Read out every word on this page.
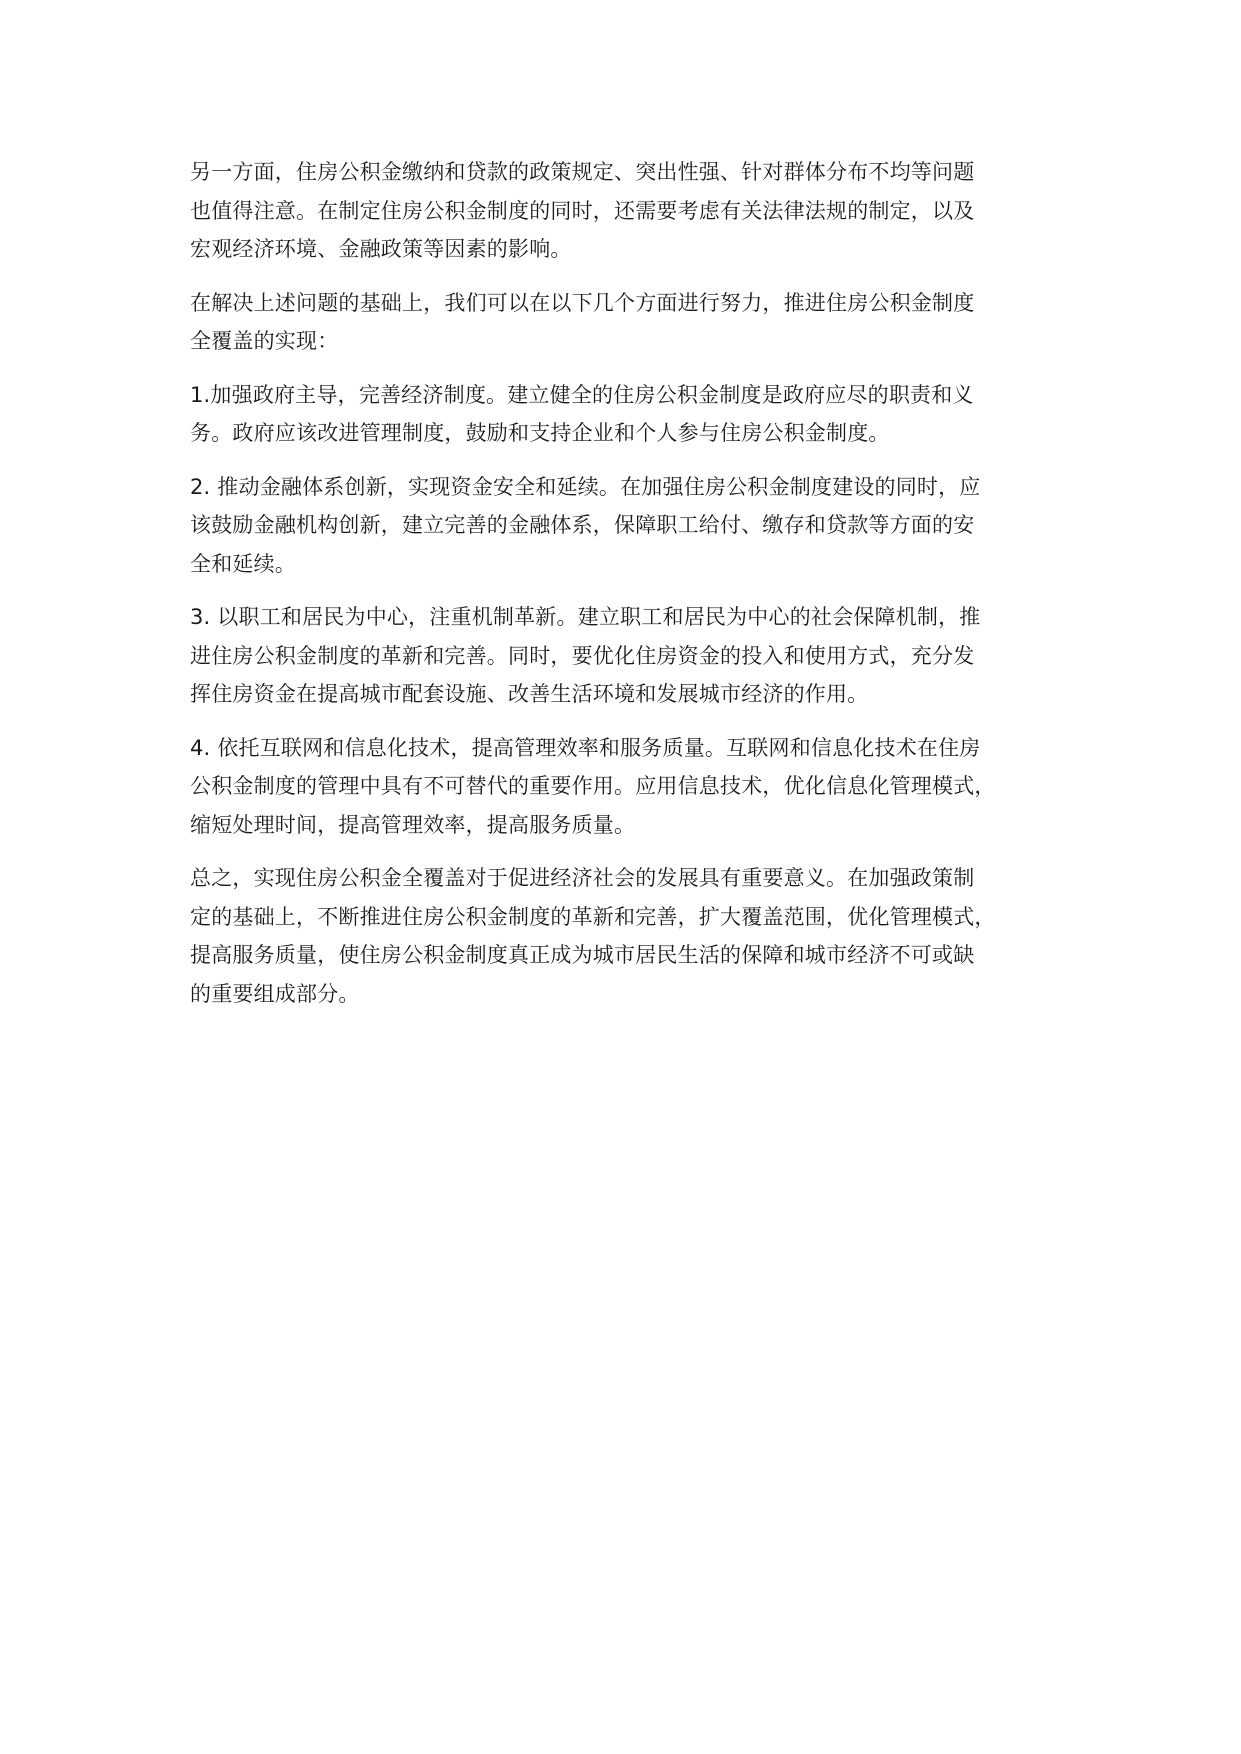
另一方面，住房公积金缴纳和贷款的政策规定、突出性强、针对群体分布不均等问题
也值得注意。在制定住房公积金制度的同时，还需要考虑有关法律法规的制定，以及
宏观经济环境、金融政策等因素的影响。
在解决上述问题的基础上，我们可以在以下几个方面进行努力，推进住房公积金制度
全覆盖的实现：
1.加强政府主导，完善经济制度。建立健全的住房公积金制度是政府应尽的职责和义
务。政府应该改进管理制度，鼓励和支持企业和个人参与住房公积金制度。
2. 推动金融体系创新，实现资金安全和延续。在加强住房公积金制度建设的同时，应
该鼓励金融机构创新，建立完善的金融体系，保障职工给付、缴存和贷款等方面的安
全和延续。
3. 以职工和居民为中心，注重机制革新。建立职工和居民为中心的社会保障机制，推
进住房公积金制度的革新和完善。同时，要优化住房资金的投入和使用方式，充分发
挥住房资金在提高城市配套设施、改善生活环境和发展城市经济的作用。
4. 依托互联网和信息化技术，提高管理效率和服务质量。互联网和信息化技术在住房
公积金制度的管理中具有不可替代的重要作用。应用信息技术，优化信息化管理模式，
缩短处理时间，提高管理效率，提高服务质量。
总之，实现住房公积金全覆盖对于促进经济社会的发展具有重要意义。在加强政策制
定的基础上，不断推进住房公积金制度的革新和完善，扩大覆盖范围，优化管理模式，
提高服务质量，使住房公积金制度真正成为城市居民生活的保障和城市经济不可或缺
的重要组成部分。
